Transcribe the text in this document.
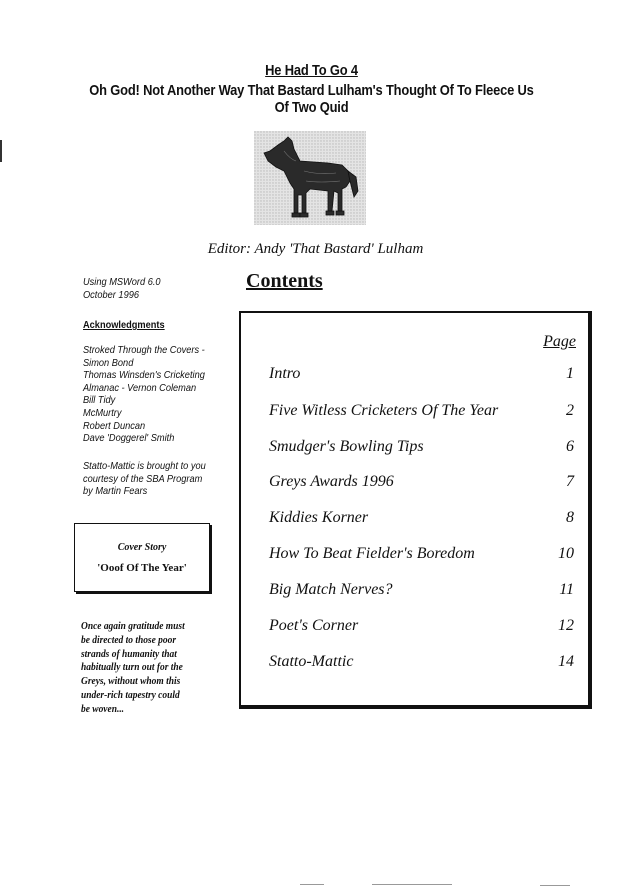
He Had To Go 4
Oh God! Not Another Way That Bastard Lulham's Thought Of To Fleece Us
Of Two Quid
Editor: Andy 'That Bastard' Lulham
Using MSWord 6.0
October 1996
Acknowledgments
Stroked Through the Covers -
Simon Bond
Thomas Winsden's Cricketing
Almanac - Vernon Coleman
Bill Tidy
McMurtry
Robert Duncan
Dave 'Doggerel' Smith
Statto-Mattic is brought to you
courtesy of the SBA Program
by Martin Fears
Cover Story
'Ooof Of The Year'
Once again gratitude must
be directed to those poor
strands of humanity that
habitually turn out for the
Greys, without whom this
under-rich tapestry could
be woven...
Contents
Page
Intro	1
Five Witless Cricketers Of The Year	2
Smudger's Bowling Tips	6
Greys Awards 1996	7
Kiddies Korner	8
How To Beat Fielder's Boredom	10
Big Match Nerves?	11
Poet's Corner	12
Statto-Mattic	14
